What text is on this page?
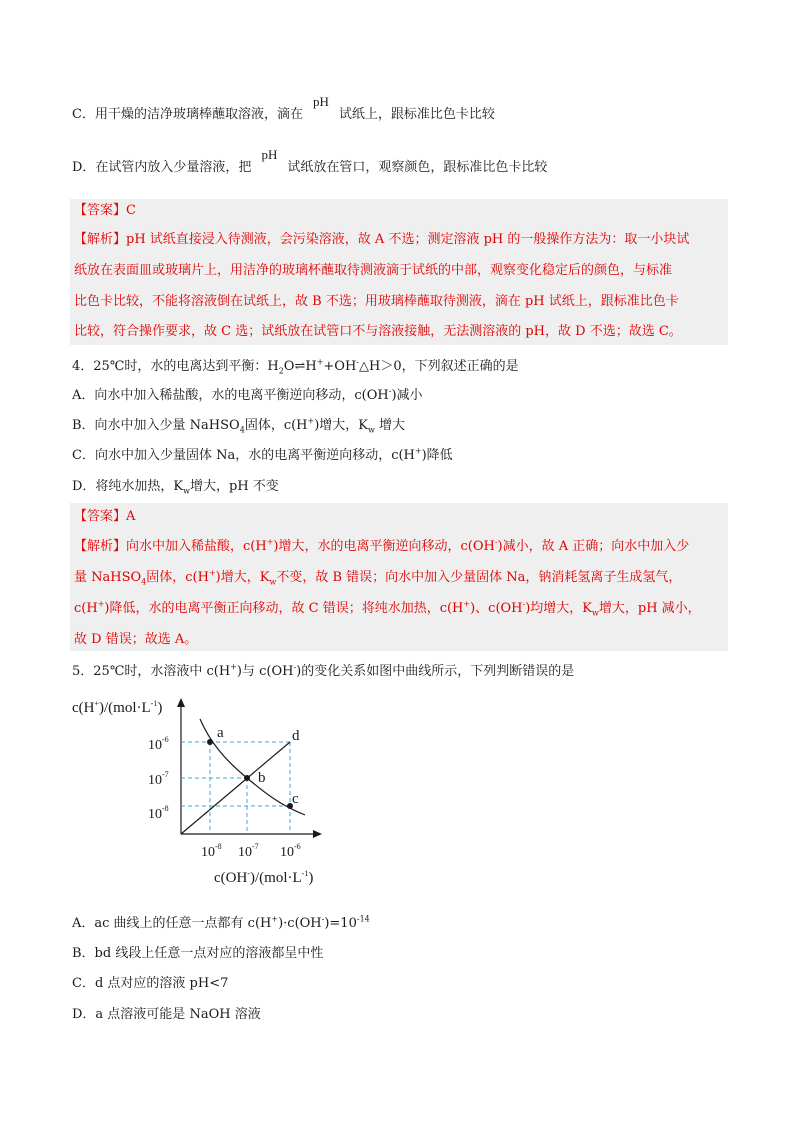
C．用干燥的洁净玻璃棒蘸取溶液，滴在pH试纸上，跟标准比色卡比较
D．在试管内放入少量溶液，把pH试纸放在管口，观察颜色，跟标准比色卡比较
【答案】C
【解析】pH 试纸直接浸入待测液，会污染溶液，故 A 不选；测定溶液 pH 的一般操作方法为：取一小块试
纸放在表面皿或玻璃片上，用洁净的玻璃杯蘸取待测液滴于试纸的中部，观察变化稳定后的颜色，与标准
比色卡比较，不能将溶液倒在试纸上，故 B 不选；用玻璃棒蘸取待测液，滴在 pH 试纸上，跟标准比色卡
比较，符合操作要求，故 C 选；试纸放在试管口不与溶液接触，无法测溶液的 pH，故 D 不选；故选 C。
4．25℃时，水的电离达到平衡：$H_2O\rightleftharpoons H^++OH^-\triangle H>0$，下列叙述正确的是
A．向水中加入稀盐酸，水的电离平衡逆向移动，c(OH-)减小
B．向水中加入少量 NaHSO$_4$固体，c(H+)增大，$K_w$ 增大
C．向水中加入少量固体 Na，水的电离平衡逆向移动，c(H+)降低
D．将纯水加热，$K_w$增大，pH 不变
【答案】A
【解析】向水中加入稀盐酸，c(H+)增大，水的电离平衡逆向移动，c(OH-)减小，故 A 正确；向水中加入少
量 NaHSO$_4$固体，c(H+)增大，$K_w$不变，故 B 错误；向水中加入少量固体 Na，钠消耗氢离子生成氢气，
c(H+)降低，水的电离平衡正向移动，故 C 错误；将纯水加热，c(H+)、c(OH-)均增大，$K_w$增大，pH 减小，
故 D 错误；故选 A。
5．25℃时，水溶液中 c(H+)与 c(OH-)的变化关系如图中曲线所示，下列判断错误的是
$c(H^+)/(mol\cdot L^{-1})$
a
b
c
d
$10^{-6}$
$10^{-7}$
$10^{-8}$
$10^{-8}$ $10^{-7}$ $10^{-6}$
$c(OH^-)/(mol\cdot L^{-1})$
A．ac 曲线上的任意一点都有 $c(H^+)\cdot c(OH^-)=10^{-14}$
B．bd 线段上任意一点对应的溶液都呈中性
C．d 点对应的溶液 pH<7
D．a 点溶液可能是 NaOH 溶液
